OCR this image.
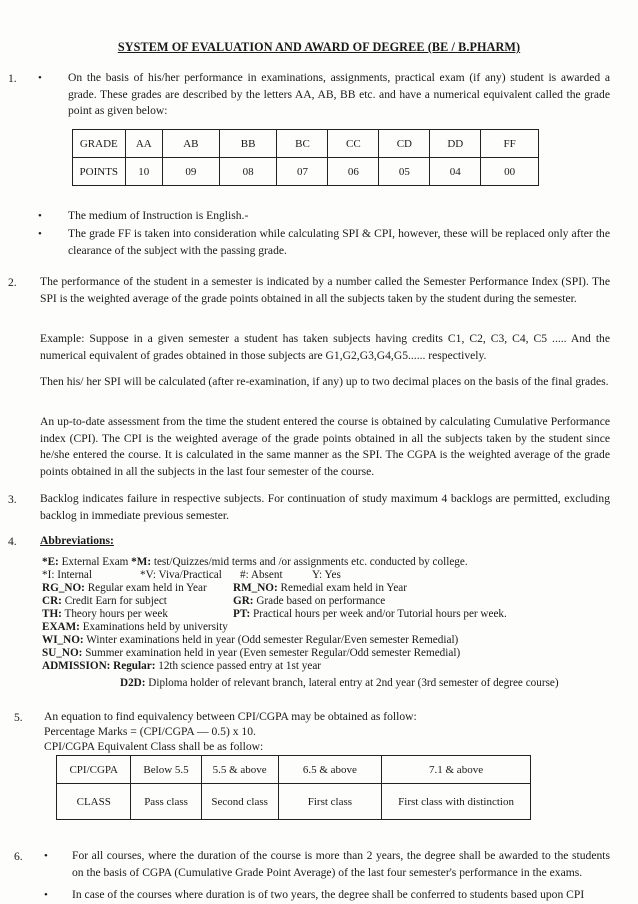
SYSTEM OF EVALUATION AND AWARD OF DEGREE (BE / B.PHARM)
1. • On the basis of his/her performance in examinations, assignments, practical exam (if any) student is awarded a grade. These grades are described by the letters AA, AB, BB etc. and have a numerical equivalent called the grade point as given below:
GRADE	AA	AB	BB	BC	CC	CD	DD	FF
POINTS	10	09	08	07	06	05	04	00
• The medium of Instruction is English.-
• The grade FF is taken into consideration while calculating SPI & CPI, however, these will be replaced only after the clearance of the subject with the passing grade.
2. The performance of the student in a semester is indicated by a number called the Semester Performance Index (SPI). The SPI is the weighted average of the grade points obtained in all the subjects taken by the student during the semester.
Example: Suppose in a given semester a student has taken subjects having credits C1, C2, C3, C4, C5 ..... And the numerical equivalent of grades obtained in those subjects are G1,G2,G3,G4,G5...... respectively.
Then his/ her SPI will be calculated (after re-examination, if any) up to two decimal places on the basis of the final grades.
An up-to-date assessment from the time the student entered the course is obtained by calculating Cumulative Performance index (CPI). The CPI is the weighted average of the grade points obtained in all the subjects taken by the student since he/she entered the course. It is calculated in the same manner as the SPI. The CGPA is the weighted average of the grade points obtained in all the subjects in the last four semester of the course.
3. Backlog indicates failure in respective subjects. For continuation of study maximum 4 backlogs are permitted, excluding backlog in immediate previous semester.
4. Abbreviations:
*E: External Exam *M: test/Quizzes/mid terms and /or assignments etc. conducted by college.
*I: Internal	*V: Viva/Practical #: Absent	Y: Yes
RG_NO: Regular exam held in Year RM_NO: Remedial exam held in Year
CR: Credit Earn for subject	GR: Grade based on performance
TH: Theory hours per week	PT: Practical hours per week and/or Tutorial hours per week.
EXAM: Examinations held by university
WI_NO: Winter examinations held in year (Odd semester Regular/Even semester Remedial)
SU_NO: Summer examination held in year (Even semester Regular/Odd semester Remedial)
ADMISSION: Regular: 12th science passed entry at 1st year
D2D: Diploma holder of relevant branch, lateral entry at 2nd year (3rd semester of degree course)
5. An equation to find equivalency between CPI/CGPA may be obtained as follow:
Percentage Marks = (CPI/CGPA — 0.5) x 10.
CPI/CGPA Equivalent Class shall be as follow:
CPI/CGPA	Below 5.5	5.5 & above	6.5 & above	7.1 & above
CLASS	Pass class	Second class	First class	First class with distinction
6. • For all courses, where the duration of the course is more than 2 years, the degree shall be awarded to the students on the basis of CGPA (Cumulative Grade Point Average) of the last four semester's performance in the exams.
• In case of the courses where duration is of two years, the degree shall be conferred to students based upon CPI
